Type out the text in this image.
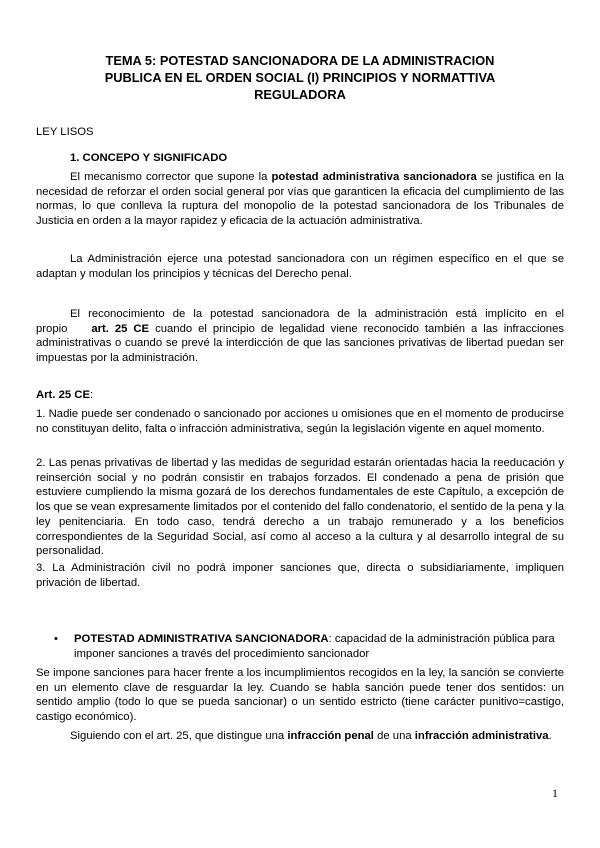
TEMA 5: POTESTAD SANCIONADORA DE LA ADMINISTRACION
PUBLICA EN EL ORDEN SOCIAL (I) PRINCIPIOS Y NORMATTIVA
REGULADORA
LEY LISOS
1. CONCEPO Y SIGNIFICADO
El mecanismo corrector que supone la potestad administrativa sancionadora se justifica en la necesidad de reforzar el orden social general por vías que garanticen la eficacia del cumplimiento de las normas, lo que conlleva la ruptura del monopolio de la potestad sancionadora de los Tribunales de Justicia en orden a la mayor rapidez y eficacia de la actuación administrativa.
La Administración ejerce una potestad sancionadora con un régimen específico en el que se adaptan y modulan los principios y técnicas del Derecho penal.
El reconocimiento de la potestad sancionadora de la administración está implícito en el propio art. 25 CE cuando el principio de legalidad viene reconocido también a las infracciones administrativas o cuando se prevé la interdicción de que las sanciones privativas de libertad puedan ser impuestas por la administración.
Art. 25 CE:
1. Nadie puede ser condenado o sancionado por acciones u omisiones que en el momento de producirse no constituyan delito, falta o infracción administrativa, según la legislación vigente en aquel momento.
2. Las penas privativas de libertad y las medidas de seguridad estarán orientadas hacia la reeducación y reinserción social y no podrán consistir en trabajos forzados. El condenado a pena de prisión que estuviere cumpliendo la misma gozará de los derechos fundamentales de este Capítulo, a excepción de los que se vean expresamente limitados por el contenido del fallo condenatorio, el sentido de la pena y la ley penitenciaria. En todo caso, tendrá derecho a un trabajo remunerado y a los beneficios correspondientes de la Seguridad Social, así como al acceso a la cultura y al desarrollo integral de su personalidad.
3. La Administración civil no podrá imponer sanciones que, directa o subsidiariamente, impliquen privación de libertad.
• POTESTAD ADMINISTRATIVA SANCIONADORA: capacidad de la administración pública para imponer sanciones a través del procedimiento sancionador
Se impone sanciones para hacer frente a los incumplimientos recogidos en la ley, la sanción se convierte en un elemento clave de resguardar la ley. Cuando se habla sanción puede tener dos sentidos: un sentido amplio (todo lo que se pueda sancionar) o un sentido estricto (tiene carácter punitivo=castigo, castigo económico).
Siguiendo con el art. 25, que distingue una infracción penal de una infracción administrativa.
1
